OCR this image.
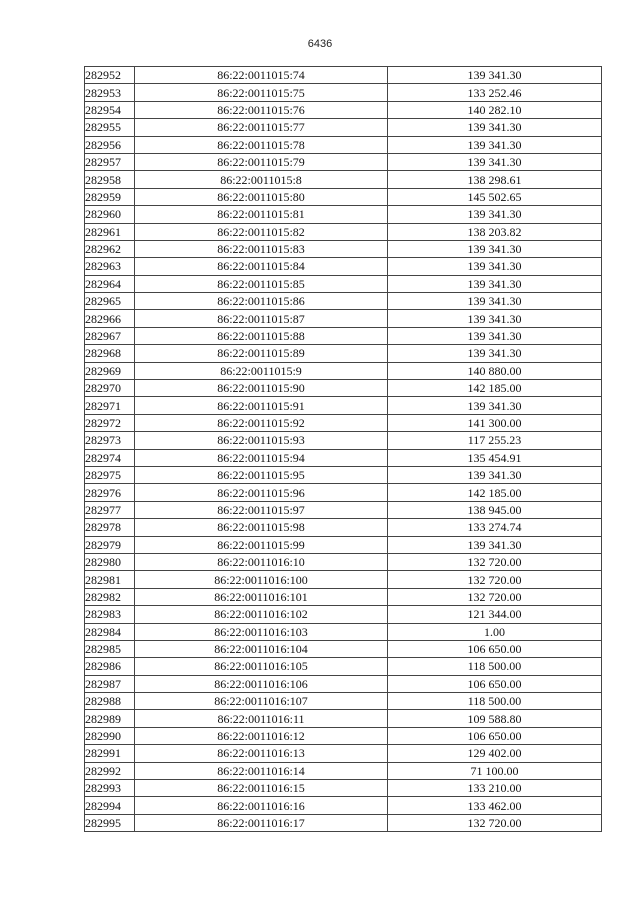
6436
282952	86:22:0011015:74	139 341.30
282953	86:22:0011015:75	133 252.46
282954	86:22:0011015:76	140 282.10
282955	86:22:0011015:77	139 341.30
282956	86:22:0011015:78	139 341.30
282957	86:22:0011015:79	139 341.30
282958	86:22:0011015:8	138 298.61
282959	86:22:0011015:80	145 502.65
282960	86:22:0011015:81	139 341.30
282961	86:22:0011015:82	138 203.82
282962	86:22:0011015:83	139 341.30
282963	86:22:0011015:84	139 341.30
282964	86:22:0011015:85	139 341.30
282965	86:22:0011015:86	139 341.30
282966	86:22:0011015:87	139 341.30
282967	86:22:0011015:88	139 341.30
282968	86:22:0011015:89	139 341.30
282969	86:22:0011015:9	140 880.00
282970	86:22:0011015:90	142 185.00
282971	86:22:0011015:91	139 341.30
282972	86:22:0011015:92	141 300.00
282973	86:22:0011015:93	117 255.23
282974	86:22:0011015:94	135 454.91
282975	86:22:0011015:95	139 341.30
282976	86:22:0011015:96	142 185.00
282977	86:22:0011015:97	138 945.00
282978	86:22:0011015:98	133 274.74
282979	86:22:0011015:99	139 341.30
282980	86:22:0011016:10	132 720.00
282981	86:22:0011016:100	132 720.00
282982	86:22:0011016:101	132 720.00
282983	86:22:0011016:102	121 344.00
282984	86:22:0011016:103	1.00
282985	86:22:0011016:104	106 650.00
282986	86:22:0011016:105	118 500.00
282987	86:22:0011016:106	106 650.00
282988	86:22:0011016:107	118 500.00
282989	86:22:0011016:11	109 588.80
282990	86:22:0011016:12	106 650.00
282991	86:22:0011016:13	129 402.00
282992	86:22:0011016:14	71 100.00
282993	86:22:0011016:15	133 210.00
282994	86:22:0011016:16	133 462.00
282995	86:22:0011016:17	132 720.00
